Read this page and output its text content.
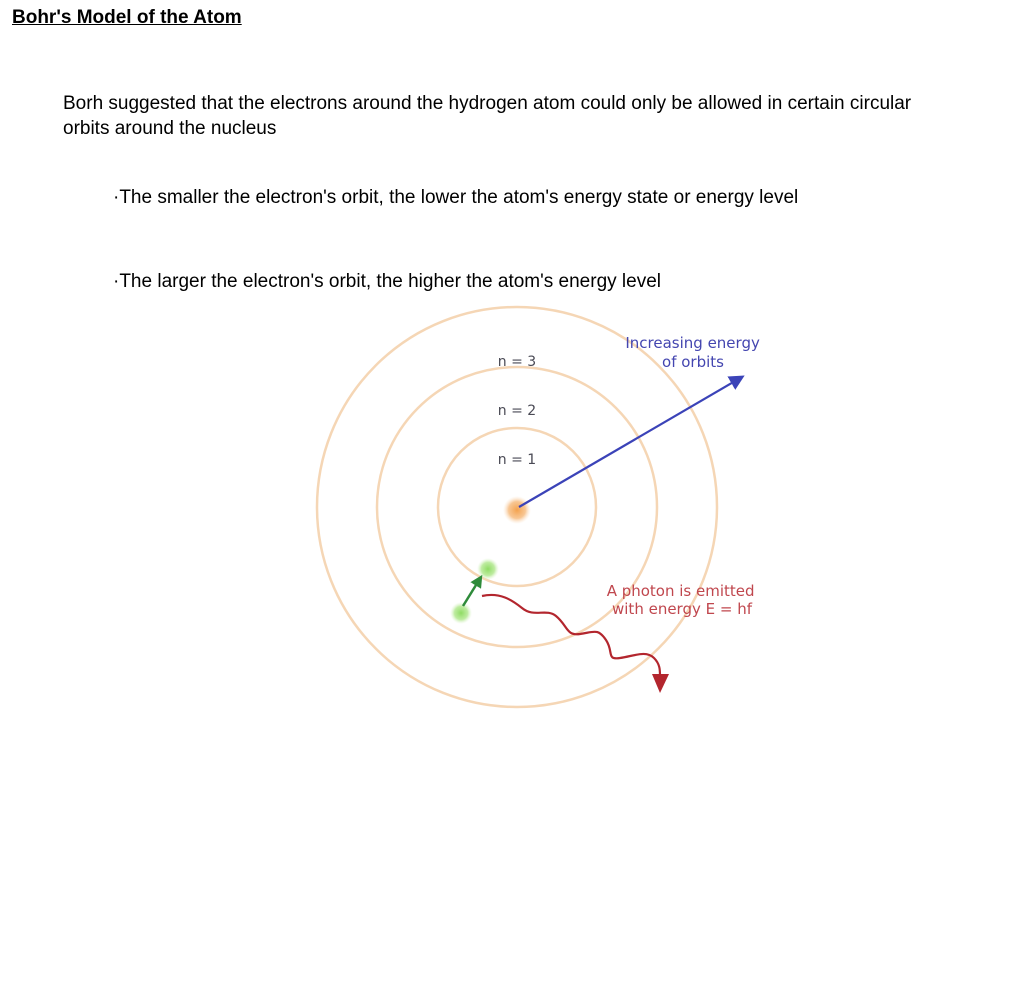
Bohr's Model of the Atom
Borh suggested that the electrons around the hydrogen atom could only be allowed in certain circular orbits around the nucleus
·The smaller the electron's orbit, the lower the atom's energy state or energy level
·The larger the electron's orbit, the higher the atom's energy level
n = 3
n = 2
n = 1
Increasing energy of orbits
A photon is emitted with energy E = hf
